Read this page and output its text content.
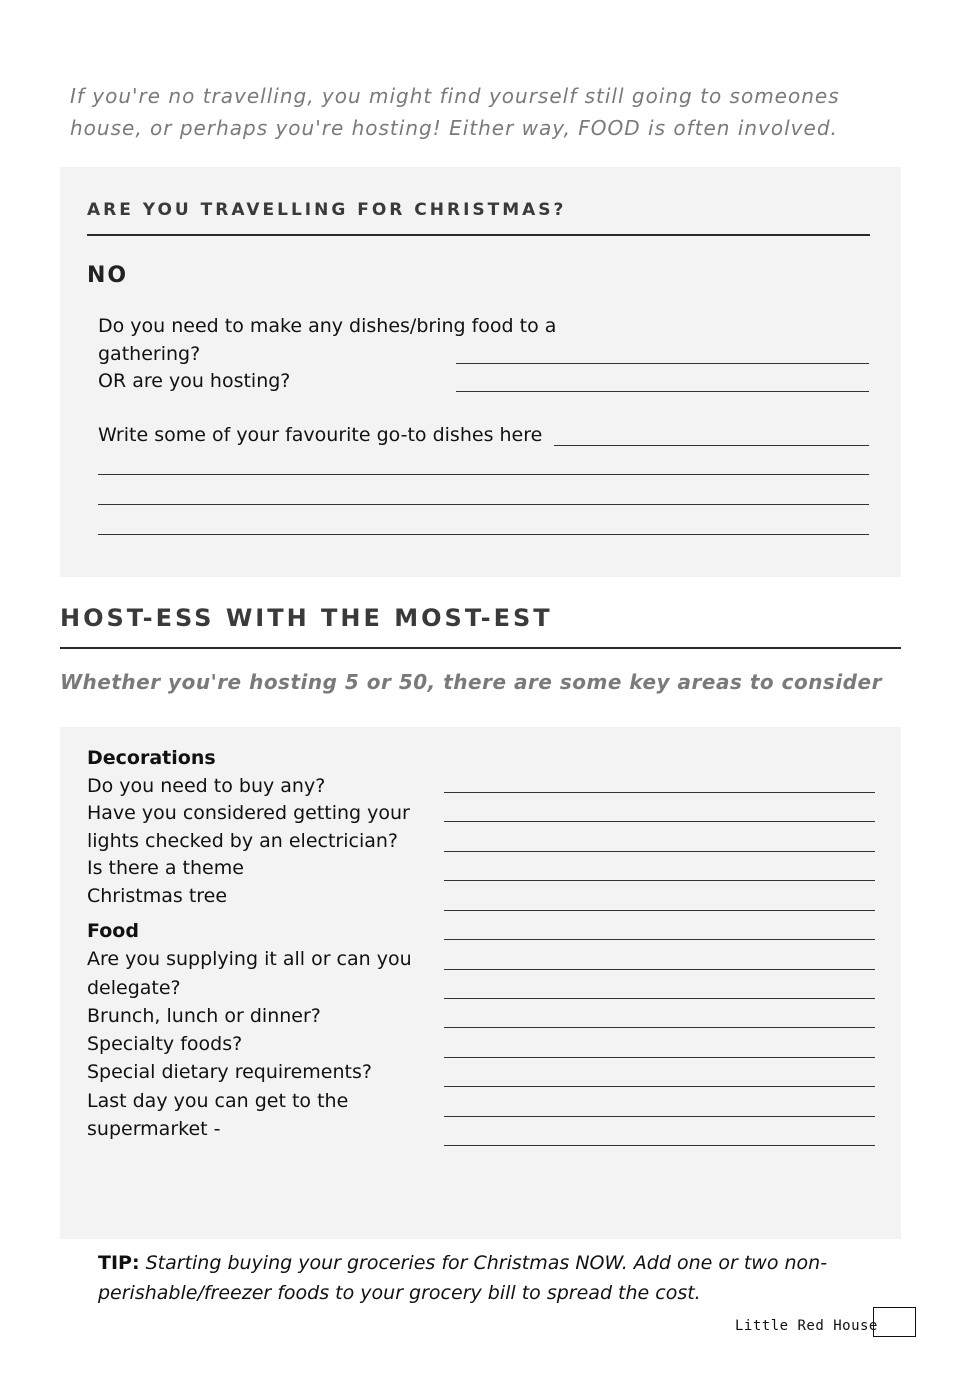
If you're no travelling, you might find yourself still going to someones
house, or perhaps you're hosting! Either way, FOOD is often involved.
ARE YOU TRAVELLING FOR CHRISTMAS?
NO
Do you need to make any dishes/bring food to a
gathering?
OR are you hosting?
Write some of your favourite go-to dishes here
HOST-ESS WITH THE MOST-EST
Whether you're hosting 5 or 50, there are some key areas to consider
Decorations
Do you need to buy any?
Have you considered getting your
lights checked by an electrician?
Is there a theme
Christmas tree
Food
Are you supplying it all or can you
delegate?
Brunch, lunch or dinner?
Specialty foods?
Special dietary requirements?
Last day you can get to the
supermarket -
TIP: Starting buying your groceries for Christmas NOW. Add one or two non-
perishable/freezer foods to your grocery bill to spread the cost.
Little Red House
